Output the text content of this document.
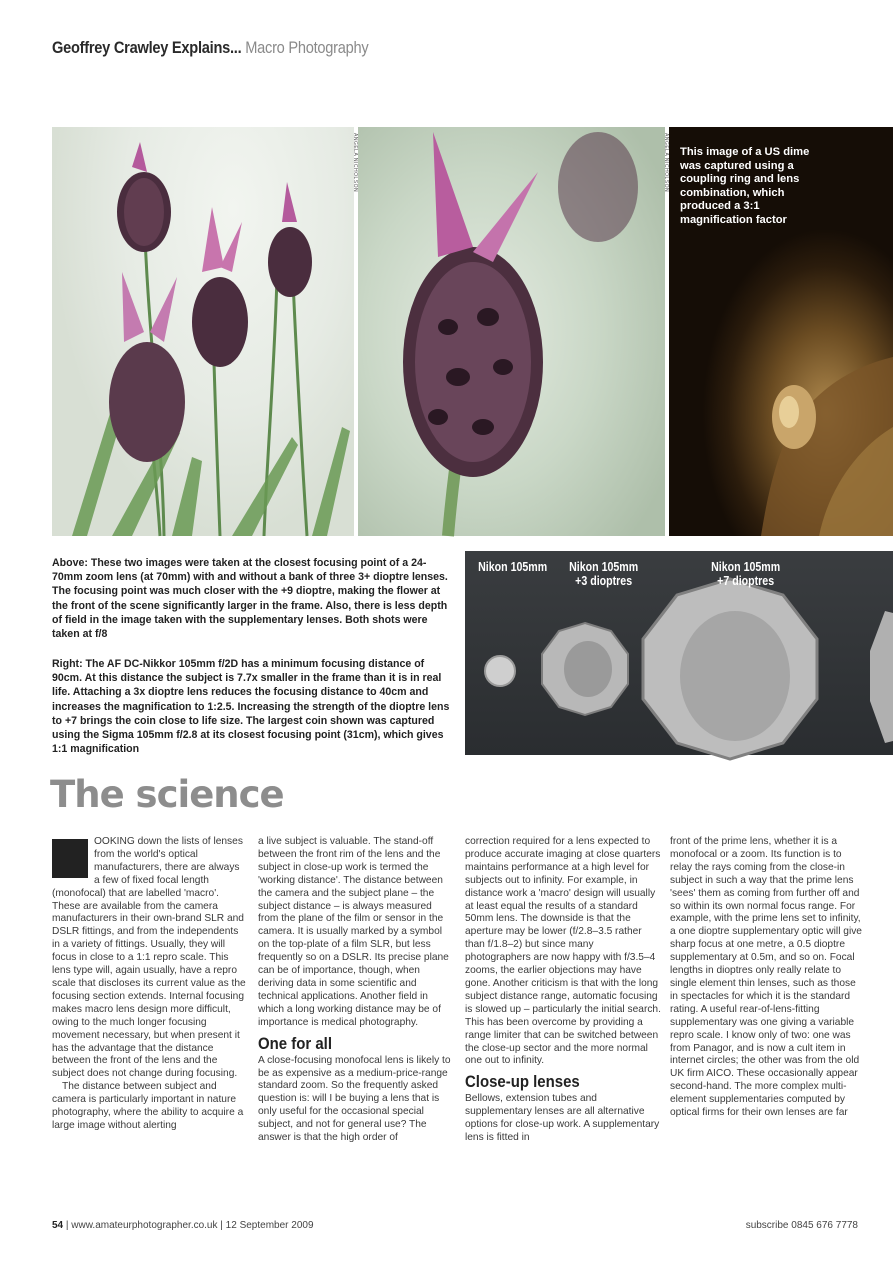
Geoffrey Crawley Explains... Macro Photography
ANGELA NICHOLSON	ANGELA NICHOLSON This image of a US dime was captured using a coupling ring and lens combination, which produced a 3:1 magnification factor
Above: These two images were taken at the closest focusing point of a 24-70mm zoom lens (at 70mm) with and without a bank of three 3+ dioptre lenses. The focusing point was much closer with the +9 dioptre, making the flower at the front of the scene significantly larger in the frame. Also, there is less depth of field in the image taken with the supplementary lenses. Both shots were taken at f/8
Right: The AF DC-Nikkor 105mm f/2D has a minimum focusing distance of 90cm. At this distance the subject is 7.7x smaller in the frame than it is in real life. Attaching a 3x dioptre lens reduces the focusing distance to 40cm and increases the magnification to 1:2.5. Increasing the strength of the dioptre lens to +7 brings the coin close to life size. The largest coin shown was captured using the Sigma 105mm f/2.8 at its closest focusing point (31cm), which gives 1:1 magnification
Nikon 105mm Nikon 105mm
+3 dioptres
Nikon 105mm
+7 dioptres
The science
L

OOKING down the lists of lenses from the world's optical manufacturers, there are always a few of fixed focal length (monofocal) that are labelled 'macro'. These are available from the camera manufacturers in their own-brand SLR and DSLR fittings, and from the independents in a variety of fittings. Usually, they will focus in close to a 1:1 repro scale. This lens type will, again usually, have a repro scale that discloses its current value as the focusing section extends. Internal focusing makes macro lens design more difficult, owing to the much longer focusing movement necessary, but when present it has the advantage that the distance between the front of the lens and the subject does not change during focusing.

The distance between subject and camera is particularly important in nature photography, where the ability to acquire a large image without alerting

a live subject is valuable. The stand-off between the front rim of the lens and the subject in close-up work is termed the 'working distance'. The distance between the camera and the subject plane – the subject distance – is always measured from the plane of the film or sensor in the camera. It is usually marked by a symbol on the top-plate of a film SLR, but less frequently so on a DSLR. Its precise plane can be of importance, though, when deriving data in some scientific and technical applications. Another field in which a long working distance may be of importance is medical photography.

One for all

A close-focusing monofocal lens is likely to be as expensive as a medium-price-range standard zoom. So the frequently asked question is: will I be buying a lens that is only useful for the occasional special subject, and not for general use? The answer is that the high order of

correction required for a lens expected to produce accurate imaging at close quarters maintains performance at a high level for subjects out to infinity. For example, in distance work a 'macro' design will usually at least equal the results of a standard 50mm lens. The downside is that the aperture may be lower (f/2.8–3.5 rather than f/1.8–2) but since many photographers are now happy with f/3.5–4 zooms, the earlier objections may have gone. Another criticism is that with the long subject distance range, automatic focusing is slowed up – particularly the initial search. This has been overcome by providing a range limiter that can be switched between the close-up sector and the more normal one out to infinity.

Close-up lenses

Bellows, extension tubes and supplementary lenses are all alternative options for close-up work. A supplementary lens is fitted in

front of the prime lens, whether it is a monofocal or a zoom. Its function is to relay the rays coming from the close-in subject in such a way that the prime lens 'sees' them as coming from further off and so within its own normal focus range. For example, with the prime lens set to infinity, a one dioptre supplementary optic will give sharp focus at one metre, a 0.5 dioptre supplementary at 0.5m, and so on. Focal lengths in dioptres only really relate to single element thin lenses, such as those in spectacles for which it is the standard rating. A useful rear-of-lens-fitting supplementary was one giving a variable repro scale. I know only of two: one was from Panagor, and is now a cult item in internet circles; the other was from the old UK firm AICO. These occasionally appear second-hand. The more complex multi-element supplementaries computed by optical firms for their own lenses are far

54 | www.amateurphotographer.co.uk | 12 September 2009	subscribe 0845 676 7778
